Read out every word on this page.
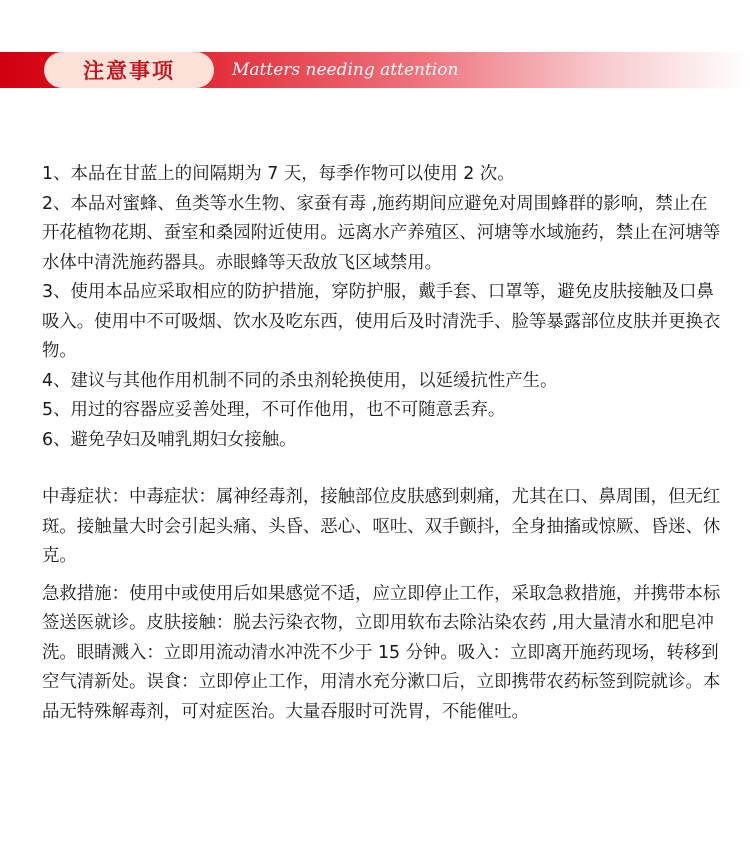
注意事项	Matters needing attention

1、本品在甘蓝上的间隔期为 7 天，每季作物可以使用 2 次。

2、本品对蜜蜂、鱼类等水生物、家蚕有毒 ,施药期间应避免对周围蜂群的影响，禁止在开花植物花期、蚕室和桑园附近使用。远离水产养殖区、河塘等水域施药，禁止在河塘等水体中清洗施药器具。赤眼蜂等天敌放飞区域禁用。

3、使用本品应采取相应的防护措施，穿防护服，戴手套、口罩等，避免皮肤接触及口鼻吸入。使用中不可吸烟、饮水及吃东西，使用后及时清洗手、脸等暴露部位皮肤并更换衣物。

4、建议与其他作用机制不同的杀虫剂轮换使用，以延缓抗性产生。

5、用过的容器应妥善处理，不可作他用，也不可随意丢弃。

6、避免孕妇及哺乳期妇女接触。

中毒症状：中毒症状：属神经毒剂，接触部位皮肤感到刺痛，尤其在口、鼻周围，但无红斑。接触量大时会引起头痛、头昏、恶心、呕吐、双手颤抖，全身抽搐或惊厥、昏迷、休克。

急救措施：使用中或使用后如果感觉不适，应立即停止工作，采取急救措施，并携带本标签送医就诊。皮肤接触：脱去污染衣物，立即用软布去除沾染农药 ,用大量清水和肥皂冲洗。眼睛溅入：立即用流动清水冲洗不少于 15 分钟。吸入：立即离开施药现场，转移到空气清新处。误食：立即停止工作，用清水充分漱口后，立即携带农药标签到院就诊。本品无特殊解毒剂，可对症医治。大量吞服时可洗胃，不能催吐。
